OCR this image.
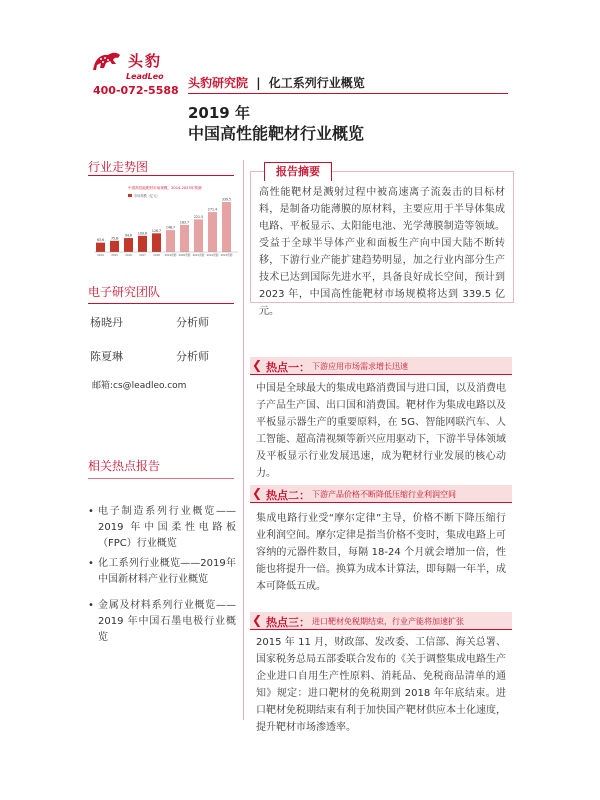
头豹
LeadLeo
400-072-5588
头豹研究院 | 化工系列行业概览
2019 年
中国高性能靶材行业概览
行业走势图
中国高性能靶材市场规模，2014-2023年预测
市场规模（亿元）
63.6
2014
75.8
2015
94.6
2016
109.8
2017
126.7
2018
148.7
2019预测
183.7
2020预测
221.5
2021预测
271.4
2022预测
339.5
2023预测
电子研究团队
杨晓丹	分析师
陈夏琳	分析师
邮箱:cs@leadleo.com
相关热点报告
• 电子制造系列行业概览——2019 年中国柔性电路板（FPC）行业概览
• 化工系列行业概览——2019年中国新材料产业行业概览
• 金属及材料系列行业概览——2019 年中国石墨电极行业概览
高性能靶材是溅射过程中被高速离子流轰击的目标材料，是制备功能薄膜的原材料，主要应用于半导体集成电路、平板显示、太阳能电池、光学薄膜制造等领域。受益于全球半导体产业和面板生产向中国大陆不断转移，下游行业产能扩建趋势明显，加之行业内部分生产技术已达到国际先进水平，具备良好成长空间，预计到 2023 年，中国高性能靶材市场规模将达到 339.5 亿元。
报告摘要
❮ 热点一： 下游应用市场需求增长迅速
中国是全球最大的集成电路消费国与进口国，以及消费电子产品生产国、出口国和消费国。靶材作为集成电路以及平板显示器生产的重要原料，在 5G、智能网联汽车、人工智能、超高清视频等新兴应用驱动下，下游半导体领域及平板显示行业发展迅速，成为靶材行业发展的核心动力。
❮ 热点二： 下游产品价格不断降低压缩行业利润空间
集成电路行业受“摩尔定律”主导，价格不断下降压缩行业利润空间。摩尔定律是指当价格不变时，集成电路上可容纳的元器件数目，每隔 18-24 个月就会增加一倍，性能也将提升一倍。换算为成本计算法，即每隔一年半，成本可降低五成。
❮ 热点三： 进口靶材免税期结束，行业产能将加速扩张
2015 年 11 月，财政部、发改委、工信部、海关总署、国家税务总局五部委联合发布的《关于调整集成电路生产企业进口自用生产性原料、消耗品、免税商品清单的通知》规定：进口靶材的免税期到 2018 年年底结束。进口靶材免税期结束有利于加快国产靶材供应本土化速度，提升靶材市场渗透率。
